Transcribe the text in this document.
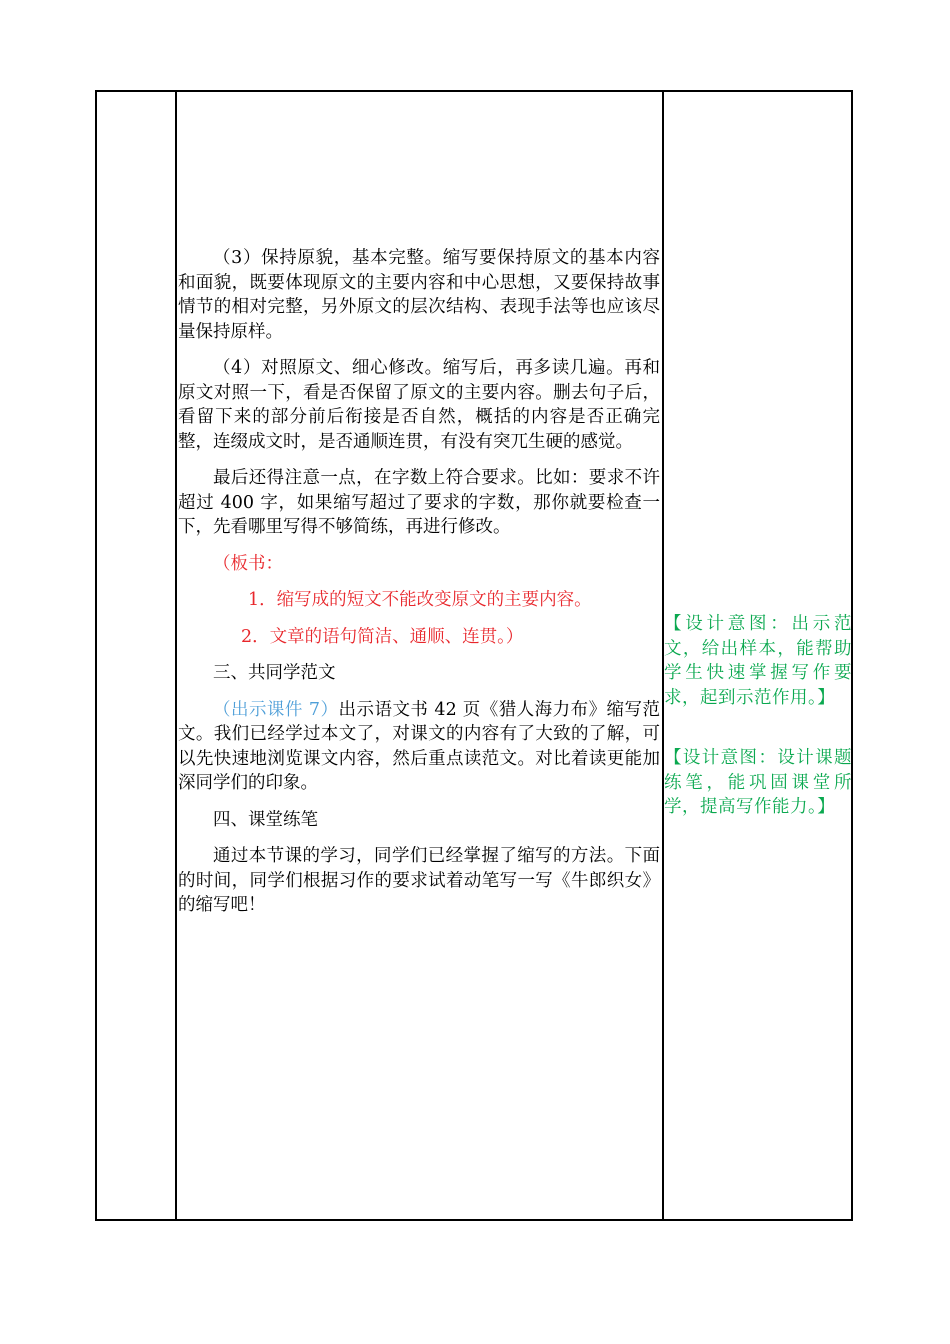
（3）保持原貌，基本完整。缩写要保持原文的基本内容和面貌，既要体现原文的主要内容和中心思想，又要保持故事情节的相对完整，另外原文的层次结构、表现手法等也应该尽量保持原样。

（4）对照原文、细心修改。缩写后，再多读几遍。再和原文对照一下，看是否保留了原文的主要内容。删去句子后，看留下来的部分前后衔接是否自然，概括的内容是否正确完整，连缀成文时，是否通顺连贯，有没有突兀生硬的感觉。

最后还得注意一点，在字数上符合要求。比如：要求不许超过 400 字，如果缩写超过了要求的字数，那你就要检查一下，先看哪里写得不够简练，再进行修改。

（板书：

1．缩写成的短文不能改变原文的主要内容。

2．文章的语句简洁、通顺、连贯。）

三、共同学范文

（出示课件 7）出示语文书 42 页《猎人海力布》缩写范文。我们已经学过本文了，对课文的内容有了大致的了解，可以先快速地浏览课文内容，然后重点读范文。对比着读更能加深同学们的印象。

四、课堂练笔

通过本节课的学习，同学们已经掌握了缩写的方法。下面的时间，同学们根据习作的要求试着动笔写一写《牛郎织女》的缩写吧！

【设计意图：出示范文，给出样本，能帮助学生快速掌握写作要求，起到示范作用。】
【设计意图：设计课题练笔，能巩固课堂所学，提高写作能力。】
